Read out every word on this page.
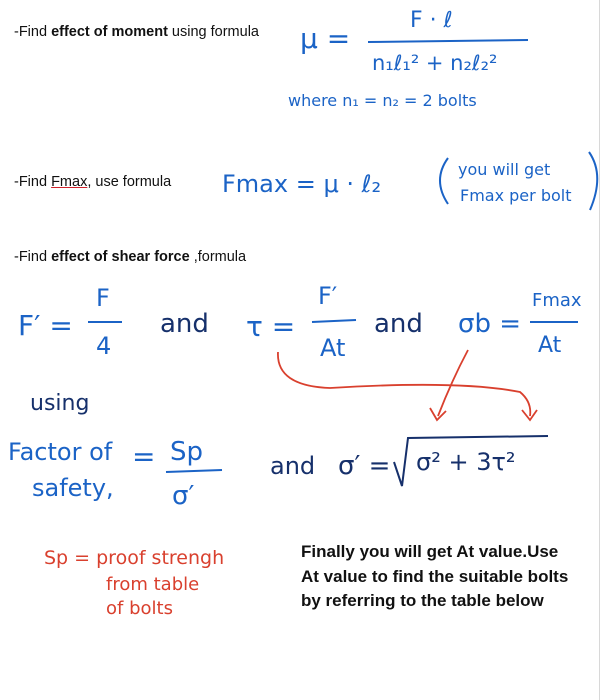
-Find effect of moment using formula
-Find Fmax, use formula
-Find effect of shear force ,formula
Finally you will get At value.Use At value to find the suitable bolts by referring to the table below
μ =
F · ℓ
n₁ℓ₁² + n₂ℓ₂²
where n₁ = n₂ = 2 bolts
Fmax = μ · ℓ₂
you will get
Fmax per bolt
F′ =
F
4
and τ =
F′
At
and σb =
Fmax
At
using
Factor of
safety,
= Sp
σ′
and σ′ = σ² + 3τ²
Sp = proof strengh
from table
of bolts
